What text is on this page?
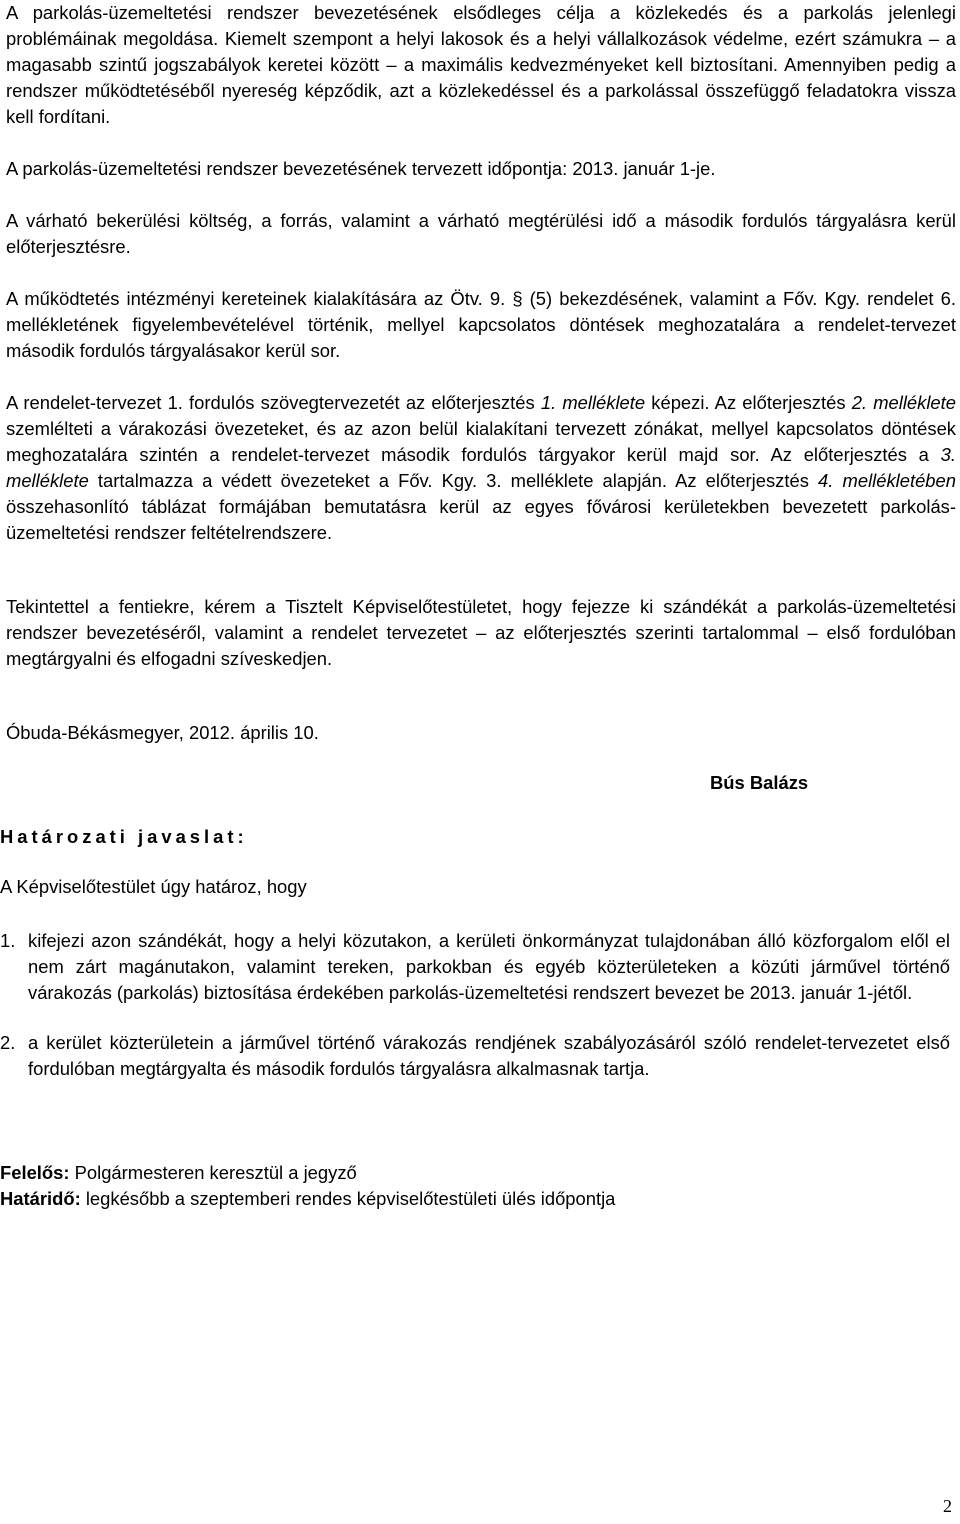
A parkolás-üzemeltetési rendszer bevezetésének elsődleges célja a közlekedés és a parkolás jelenlegi problémáinak megoldása. Kiemelt szempont a helyi lakosok és a helyi vállalkozások védelme, ezért számukra – a magasabb szintű jogszabályok keretei között – a maximális kedvezményeket kell biztosítani. Amennyiben pedig a rendszer működtetéséből nyereség képződik, azt a közlekedéssel és a parkolással összefüggő feladatokra vissza kell fordítani.

A parkolás-üzemeltetési rendszer bevezetésének tervezett időpontja: 2013. január 1-je.

A várható bekerülési költség, a forrás, valamint a várható megtérülési idő a második fordulós tárgyalásra kerül előterjesztésre.

A működtetés intézményi kereteinek kialakítására az Ötv. 9. § (5) bekezdésének, valamint a Főv. Kgy. rendelet 6. mellékletének figyelembevételével történik, mellyel kapcsolatos döntések meghozatalára a rendelet-tervezet második fordulós tárgyalásakor kerül sor.

A rendelet-tervezet 1. fordulós szövegtervezetét az előterjesztés 1. melléklete képezi. Az előterjesztés 2. melléklete szemlélteti a várakozási övezeteket, és az azon belül kialakítani tervezett zónákat, mellyel kapcsolatos döntések meghozatalára szintén a rendelet-tervezet második fordulós tárgyakor kerül majd sor. Az előterjesztés a 3. melléklete tartalmazza a védett övezeteket a Főv. Kgy. 3. melléklete alapján. Az előterjesztés 4. mellékletében összehasonlító táblázat formájában bemutatásra kerül az egyes fővárosi kerületekben bevezetett parkolás-üzemeltetési rendszer feltételrendszere.

Tekintettel a fentiekre, kérem a Tisztelt Képviselőtestületet, hogy fejezze ki szándékát a parkolás-üzemeltetési rendszer bevezetéséről, valamint a rendelet tervezetet – az előterjesztés szerinti tartalommal – első fordulóban megtárgyalni és elfogadni szíveskedjen.

Óbuda-Békásmegyer, 2012. április 10.

Bús Balázs
Határozati javaslat:
A Képviselőtestület úgy határoz, hogy
1. kifejezi azon szándékát, hogy a helyi közutakon, a kerületi önkormányzat tulajdonában álló közforgalom elől el nem zárt magánutakon, valamint tereken, parkokban és egyéb közterületeken a közúti járművel történő várakozás (parkolás) biztosítása érdekében parkolás-üzemeltetési rendszert bevezet be 2013. január 1-jétől.
2. a kerület közterületein a járművel történő várakozás rendjének szabályozásáról szóló rendelet-tervezetet első fordulóban megtárgyalta és második fordulós tárgyalásra alkalmasnak tartja.
Felelős: Polgármesteren keresztül a jegyző
Határidő: legkésőbb a szeptemberi rendes képviselőtestületi ülés időpontja
2
